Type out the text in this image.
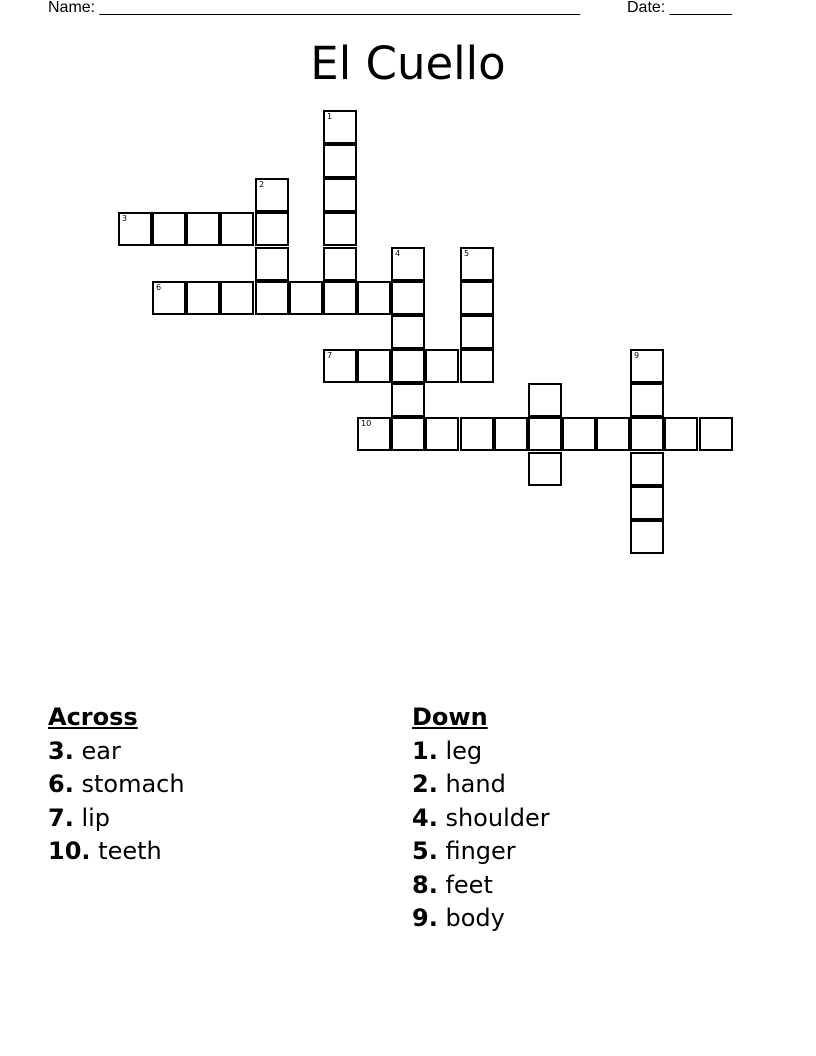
Name: ______________________________________________________	Date: _______
El Cuello
1
2
3
6
4	5
7
10
9
Across
3. ear
6. stomach
7. lip
10. teeth
Down
1. leg
2. hand
4. shoulder
5. finger
8. feet
9. body
